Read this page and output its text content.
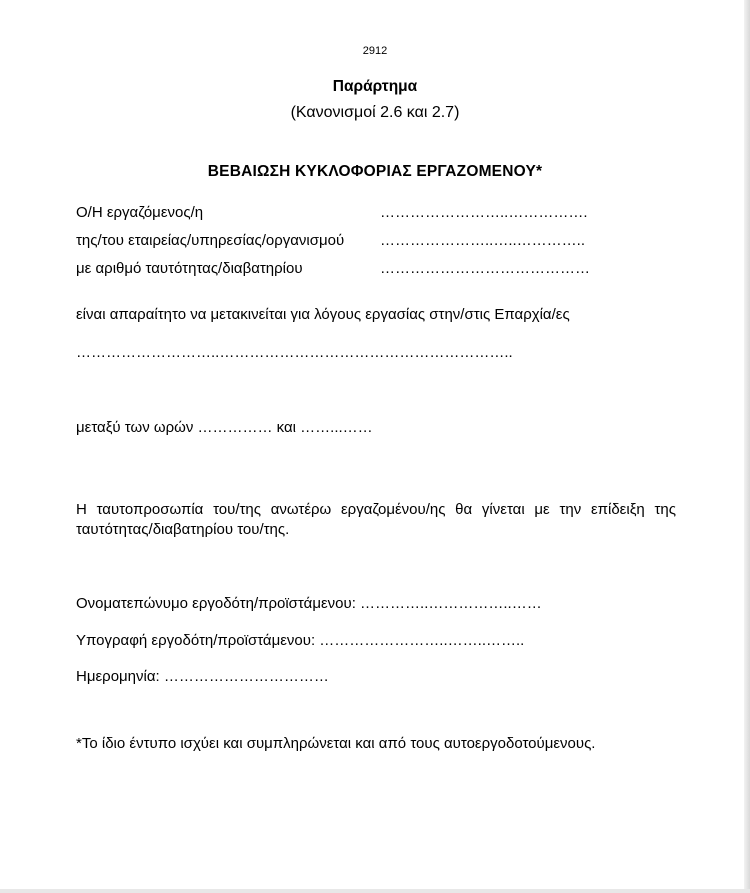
2912
Παράρτημα
(Κανονισμοί 2.6 και 2.7)
ΒΕΒΑΙΩΣΗ ΚΥΚΛΟΦΟΡΙΑΣ ΕΡΓΑΖΟΜΕΝΟΥ*
Ο/Η εργαζόμενος/η	……………………..…………….
της/του εταιρείας/υπηρεσίας/οργανισμού …………………..…..…………..
με αριθμό ταυτότητας/διαβατηρίου	……………………………………
είναι απαραίτητο να μετακινείται για λόγους εργασίας στην/στις Επαρχία/ες
………………………..…………………………………………………..
μεταξύ των ωρών …………… και ……...……
Η ταυτοπροσωπία του/της ανωτέρω εργαζομένου/ης θα γίνεται με την επίδειξη της ταυτότητας/διαβατηρίου του/της.
Ονοματεπώνυμο εργοδότη/προϊστάμενου: …………..……………..……
Υπογραφή εργοδότη/προϊστάμενου: ……………………..……..……..
Ημερομηνία: ……………………………
*Το ίδιο έντυπο ισχύει και συμπληρώνεται και από τους αυτοεργοδοτούμενους.
